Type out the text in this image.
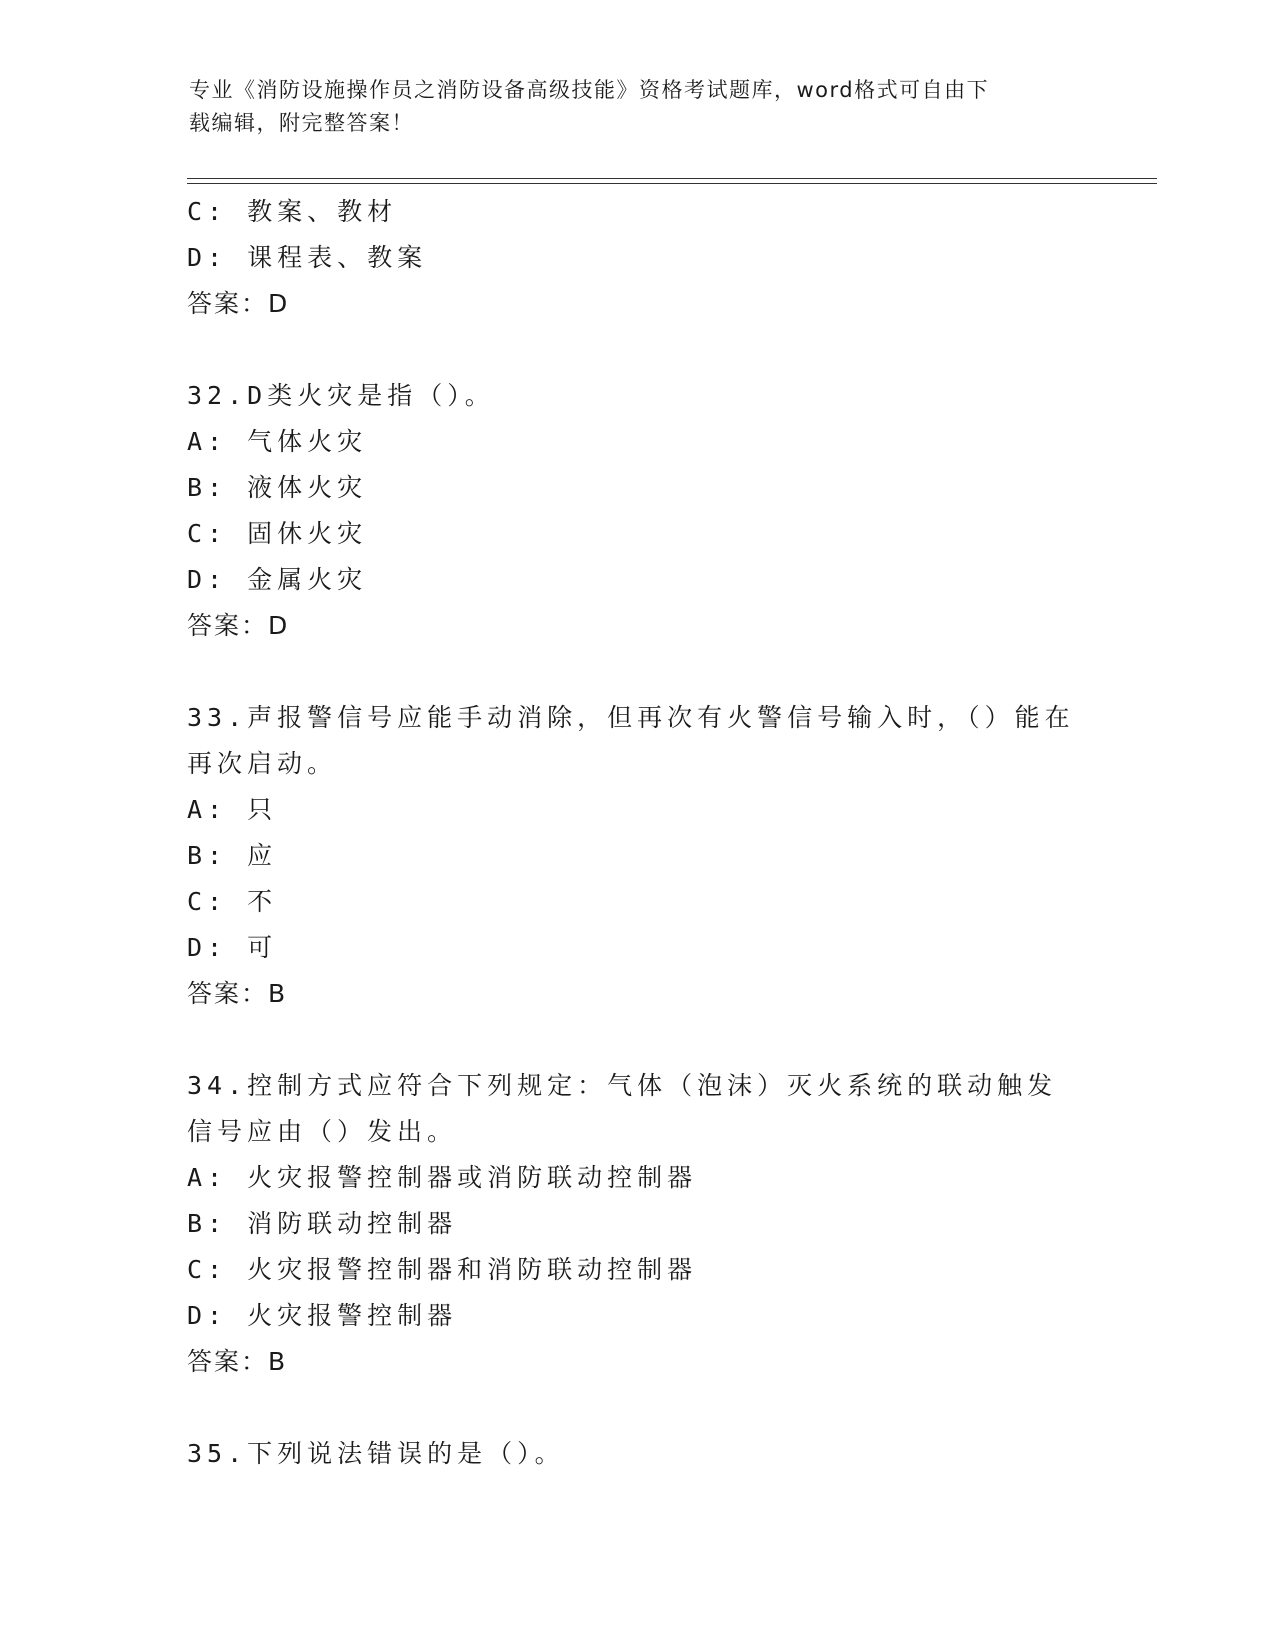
专业《消防设施操作员之消防设备高级技能》资格考试题库，word格式可自由下
载编辑，附完整答案！
C: 教案、教材
D: 课程表、教案
答案：D
32.D类火灾是指（）。
A: 气体火灾
B: 液体火灾
C: 固休火灾
D: 金属火灾
答案：D
33.声报警信号应能手动消除，但再次有火警信号输入时，（）能在再次启动。
A: 只
B: 应
C: 不
D: 可
答案：B
34.控制方式应符合下列规定：气体（泡沫）灭火系统的联动触发信号应由（）发出。
A: 火灾报警控制器或消防联动控制器
B: 消防联动控制器
C: 火灾报警控制器和消防联动控制器
D: 火灾报警控制器
答案：B
35.下列说法错误的是（）。
